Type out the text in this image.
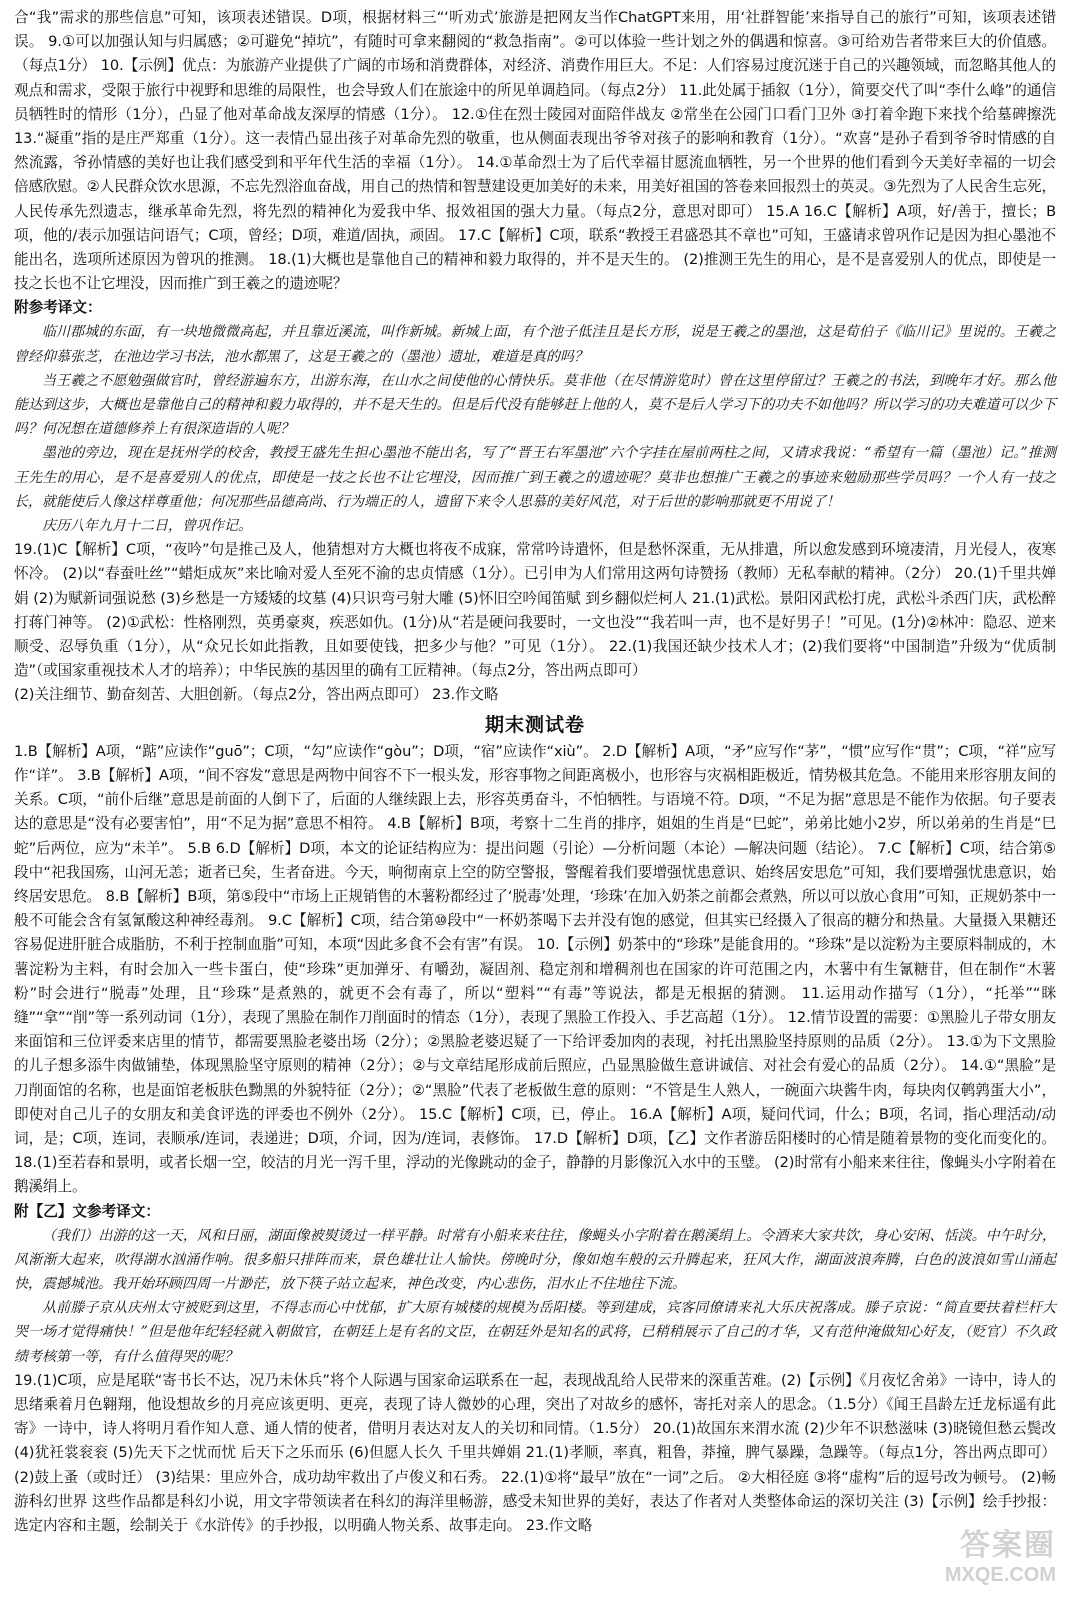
合“我”需求的那些信息”可知，该项表述错误。D项，根据材料三“‘听劝式’旅游是把网友当作ChatGPT来用，用‘社群智能’来指导自己的旅行”可知，该项表述错误。 9.①可以加强认知与归属感；②可避免“掉坑”，有随时可拿来翻阅的“救急指南”。②可以体验一些计划之外的偶遇和惊喜。③可给劝告者带来巨大的价值感。（每点1分） 10.【示例】优点：为旅游产业提供了广阔的市场和消费群体，对经济、消费作用巨大。不足：人们容易过度沉迷于自己的兴趣领域，而忽略其他人的观点和需求，受限于旅行中视野和思维的局限性，也会导致人们在旅途中的所见单调趋同。（每点2分） 11.此处属于插叙（1分），简要交代了叫“李什么峰”的通信员牺牲时的情形（1分），凸显了他对革命战友深厚的情感（1分）。 12.①住在烈士陵园对面陪伴战友 ②常坐在公园门口看门卫外 ③打着伞跑下来找个给墓碑擦洗 13.“凝重”指的是庄严郑重（1分）。这一表情凸显出孩子对革命先烈的敬重，也从侧面表现出爷爷对孩子的影响和教育（1分）。“欢喜”是孙子看到爷爷时情感的自然流露，爷孙情感的美好也让我们感受到和平年代生活的幸福（1分）。 14.①革命烈士为了后代幸福甘愿流血牺牲，另一个世界的他们看到今天美好幸福的一切会倍感欣慰。②人民群众饮水思源，不忘先烈浴血奋战，用自己的热情和智慧建设更加美好的未来，用美好祖国的答卷来回报烈士的英灵。③先烈为了人民舍生忘死，人民传承先烈遗志，继承革命先烈，将先烈的精神化为爱我中华、报效祖国的强大力量。（每点2分，意思对即可） 15.A 16.C【解析】A项，好/善于，擅长；B项，他的/表示加强诘问语气；C项，曾经；D项，难道/固执，顽固。 17.C【解析】C项，联系“教授王君盛恐其不章也”可知，王盛请求曾巩作记是因为担心墨池不能出名，选项所述原因为曾巩的推测。 18.(1)大概也是靠他自己的精神和毅力取得的，并不是天生的。 (2)推测王先生的用心，是不是喜爱别人的优点，即使是一技之长也不让它埋没，因而推广到王羲之的遗迹呢？

附参考译文：

临川郡城的东面，有一块地微微高起，并且靠近溪流，叫作新城。新城上面，有个池子低洼且是长方形，说是王羲之的墨池，这是荀伯子《临川记》里说的。王羲之曾经仰慕张芝，在池边学习书法，池水都黑了，这是王羲之的（墨池）遗址，难道是真的吗？

当王羲之不愿勉强做官时，曾经游遍东方，出游东海，在山水之间使他的心情快乐。莫非他（在尽情游览时）曾在这里停留过？王羲之的书法，到晚年才好。那么他能达到这步，大概也是靠他自己的精神和毅力取得的，并不是天生的。但是后代没有能够赶上他的人，莫不是后人学习下的功夫不如他吗？所以学习的功夫难道可以少下吗？何况想在道德修养上有很深造诣的人呢？

墨池的旁边，现在是抚州学的校舍，教授王盛先生担心墨池不能出名，写了“晋王右军墨池”六个字挂在屋前两柱之间，又请求我说：“希望有一篇（墨池）记。”推测王先生的用心，是不是喜爱别人的优点，即使是一技之长也不让它埋没，因而推广到王羲之的遗迹呢？莫非也想推广王羲之的事迹来勉励那些学员吗？一个人有一技之长，就能使后人像这样尊重他；何况那些品德高尚、行为端正的人，遗留下来令人思慕的美好风范，对于后世的影响那就更不用说了！

庆历八年九月十二日，曾巩作记。

19.(1)C【解析】C项，“夜吟”句是推己及人，他猜想对方大概也将夜不成寐，常常吟诗遣怀，但是愁怀深重，无从排遣，所以愈发感到环境凄清，月光侵人，夜寒怀冷。 (2)以“春蚕吐丝”“蜡炬成灰”来比喻对爱人至死不渝的忠贞情感（1分）。已引申为人们常用这两句诗赞扬（教师）无私奉献的精神。（2分） 20.(1)千里共婵娟 (2)为赋新词强说愁 (3)乡愁是一方矮矮的坟墓 (4)只识弯弓射大雕 (5)怀旧空吟闻笛赋 到乡翻似烂柯人 21.(1)武松。景阳冈武松打虎，武松斗杀西门庆，武松醉打蒋门神等。 (2)①武松：性格刚烈，英勇豪爽，疾恶如仇。(1分)从“若是硬问我要时，一文也没”“我若叫一声，也不是好男子！”可见。(1分)②林冲：隐忍、逆来顺受、忍辱负重（1分），从“众兄长如此指教，且如要使钱，把多少与他？”可见（1分）。 22.(1)我国还缺少技术人才；(2)我们要将“中国制造”升级为“优质制造”（或国家重视技术人才的培养）；中华民族的基因里的确有工匠精神。（每点2分，答出两点即可）

(2)关注细节、勤奋刻苦、大胆创新。（每点2分，答出两点即可） 23.作文略

期末测试卷

1.B【解析】A项，“踮”应读作“guō”；C项，“勾”应读作“gòu”；D项，“宿”应读作“xiù”。 2.D【解析】A项，“矛”应写作“茅”，“惯”应写作“贯”；C项，“祥”应写作“详”。 3.B【解析】A项，“间不容发”意思是两物中间容不下一根头发，形容事物之间距离极小，也形容与灾祸相距极近，情势极其危急。不能用来形容朋友间的关系。C项，“前仆后继”意思是前面的人倒下了，后面的人继续跟上去，形容英勇奋斗，不怕牺牲。与语境不符。D项，“不足为据”意思是不能作为依据。句子要表达的意思是“没有必要害怕”，用“不足为据”意思不相符。 4.B【解析】B项，考察十二生肖的排序，姐姐的生肖是“巳蛇”，弟弟比她小2岁，所以弟弟的生肖是“巳蛇”后两位，应为“未羊”。 5.B 6.D【解析】D项，本文的论证结构应为：提出问题（引论）—分析问题（本论）—解决问题（结论）。 7.C【解析】C项，结合第⑤段中“祀我国殇，山河无恙；逝者已矣，生者奋进。今天，响彻南京上空的防空警报，警醒着我们要增强忧患意识、始终居安思危”可知，我们要增强忧患意识，始终居安思危。 8.B【解析】B项，第⑤段中“市场上正规销售的木薯粉都经过了‘脱毒’处理，‘珍珠’在加入奶茶之前都会煮熟，所以可以放心食用”可知，正规奶茶中一般不可能会含有氢氰酸这种神经毒剂。 9.C【解析】C项，结合第⑩段中“一杯奶茶喝下去并没有饱的感觉，但其实已经摄入了很高的糖分和热量。大量摄入果糖还容易促进肝脏合成脂肪，不利于控制血脂”可知，本项“因此多食不会有害”有误。 10.【示例】奶茶中的“珍珠”是能食用的。“珍珠”是以淀粉为主要原料制成的，木薯淀粉为主料，有时会加入一些卡蛋白，使“珍珠”更加弹牙、有嚼劲，凝固剂、稳定剂和增稠剂也在国家的许可范围之内，木薯中有生氰糖苷，但在制作“木薯粉”时会进行“脱毒”处理，且“珍珠”是煮熟的，就更不会有毒了，所以“塑料”“有毒”等说法，都是无根据的猜测。 11.运用动作描写（1分），“托举”“眯缝”“拿”“削”等一系列动词（1分），表现了黑脸在制作刀削面时的情态（1分），表现了黑脸工作投入、手艺高超（1分）。 12.情节设置的需要：①黑脸儿子带女朋友来面馆和三位评委来店里的情节，都需要黑脸老婆出场（2分）；②黑脸老婆迟疑了一下给评委加肉的表现，衬托出黑脸坚持原则的品质（2分）。 13.①为下文黑脸的儿子想多添牛肉做铺垫，体现黑脸坚守原则的精神（2分）；②与文章结尾形成前后照应，凸显黑脸做生意讲诚信、对社会有爱心的品质（2分）。 14.①“黑脸”是刀削面馆的名称，也是面馆老板肤色黝黑的外貌特征（2分）；②“黑脸”代表了老板做生意的原则：“不管是生人熟人，一碗面六块酱牛肉，每块肉仅鹌鹑蛋大小”，即使对自己儿子的女朋友和美食评选的评委也不例外（2分）。 15.C【解析】C项，已，停止。 16.A【解析】A项，疑问代词，什么；B项，名词，指心理活动/动词，是；C项，连词，表顺承/连词，表递进；D项，介词，因为/连词，表修饰。 17.D【解析】D项，【乙】文作者游岳阳楼时的心情是随着景物的变化而变化的。 18.(1)至若春和景明，或者长烟一空，皎洁的月光一泻千里，浮动的光像跳动的金子，静静的月影像沉入水中的玉璧。 (2)时常有小船来来往往，像蝇头小字附着在鹅溪绢上。

附【乙】文参考译文：

（我们）出游的这一天，风和日丽，湖面像被熨烫过一样平静。时常有小船来来往往，像蝇头小字附着在鹅溪绢上。令酒来大家共饮，身心安闲、恬淡。中午时分，风渐渐大起来，吹得湖水汹涌作响。很多船只排阵而来，景色雄壮让人愉快。傍晚时分，像如炮车般的云升腾起来，狂风大作，湖面波浪奔腾，白色的波浪如雪山涌起快，震撼城池。我开始环顾四周一片渺茫，放下筷子站立起来，神色改变，内心悲伤，泪水止不住地往下流。

从前滕子京从庆州太守被贬到这里，不得志而心中忧郁，扩大原有城楼的规模为岳阳楼。等到建成，宾客同僚请来礼大乐庆祝落成。滕子京说：“简直要扶着栏杆大哭一场才觉得痛快！”但是他年纪轻轻就入朝做官，在朝廷上是有名的文臣，在朝廷外是知名的武将，已稍稍展示了自己的才华，又有范仲淹做知心好友，（贬官）不久政绩考核第一等，有什么值得哭的呢？

19.(1)C项，应是尾联“寄书长不达，况乃未休兵”将个人际遇与国家命运联系在一起，表现战乱给人民带来的深重苦难。(2)【示例】《月夜忆舍弟》一诗中，诗人的思绪乘着月色翱翔，他设想故乡的月亮应该更明、更亮，表现了诗人微妙的心理，突出了对故乡的感怀，寄托对亲人的思念。（1.5分）《闻王昌龄左迁龙标遥有此寄》一诗中，诗人将明月看作知人意、通人情的使者，借明月表达对友人的关切和同情。（1.5分） 20.(1)故国东来渭水流 (2)少年不识愁滋味 (3)晓镜但愁云鬓改 (4)犹衽裳衮衮 (5)先天下之忧而忧 后天下之乐而乐 (6)但愿人长久 千里共婵娟 21.(1)孝顺，率真，粗鲁，莽撞，脾气暴躁，急躁等。（每点1分，答出两点即可） (2)鼓上蚤（或时迁） (3)结果：里应外合，成功劫牢救出了卢俊义和石秀。 22.(1)①将“最早”放在“一词”之后。 ②大相径庭 ③将“虚构”后的逗号改为顿号。 (2)畅游科幻世界 这些作品都是科幻小说，用文字带领读者在科幻的海洋里畅游，感受未知世界的美好，表达了作者对人类整体命运的深切关注 (3)【示例】绘手抄报：选定内容和主题，绘制关于《水浒传》的手抄报，以明确人物关系、故事走向。 23.作文略

答案圈
MXQE.COM
